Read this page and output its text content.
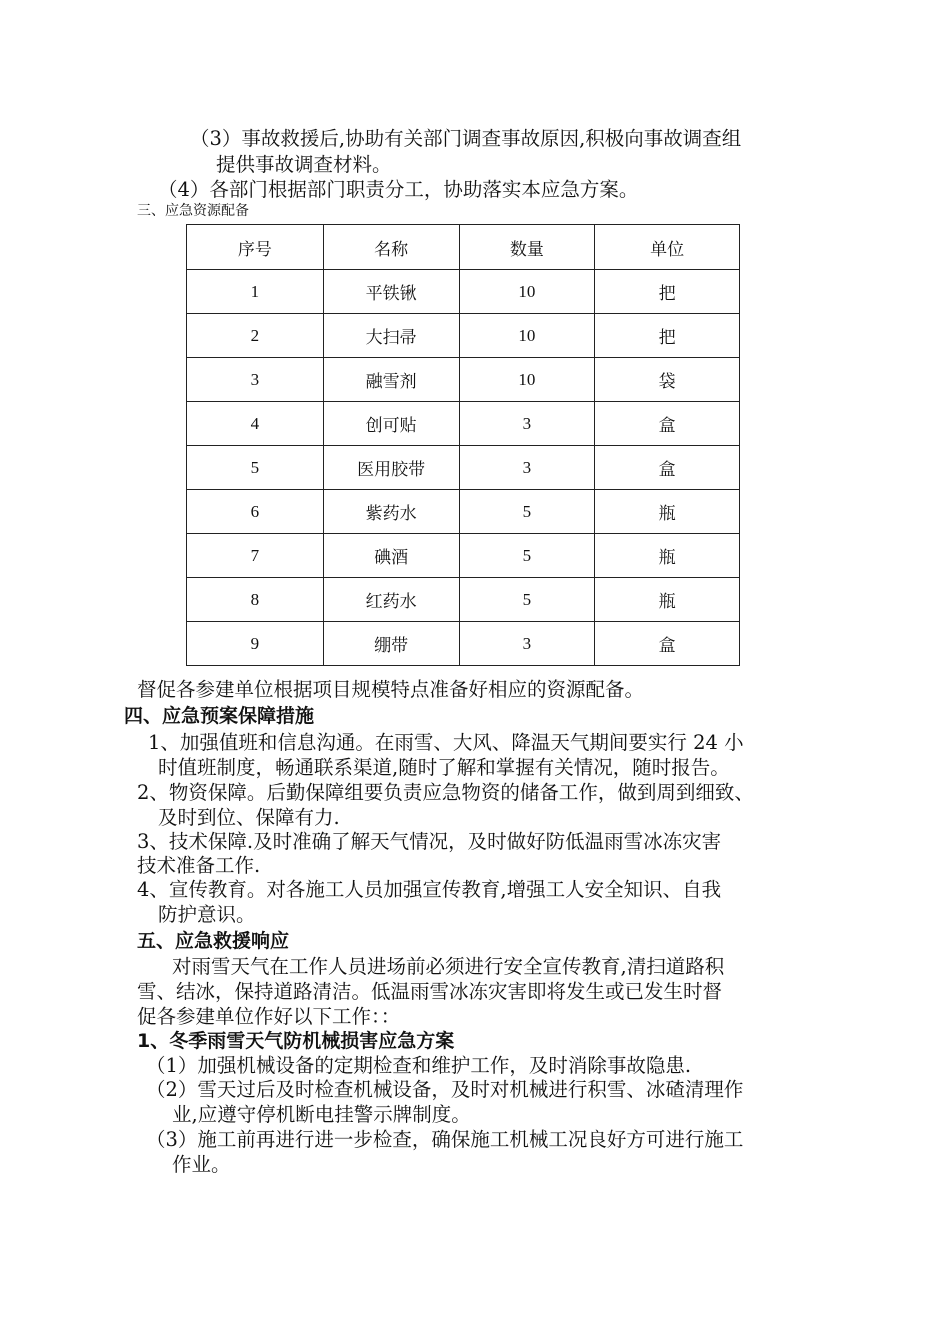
（3）事故救援后,协助有关部门调查事故原因,积极向事故调查组
提供事故调查材料。
（4）各部门根据部门职责分工，协助落实本应急方案。
三、应急资源配备
序号	名称	数量	单位
1	平铁锹	10	把
2	大扫帚	10	把
3	融雪剂	10	袋
4	创可贴	3	盒
5	医用胶带	3	盒
6	紫药水	5	瓶
7	碘酒	5	瓶
8	红药水	5	瓶
9	绷带	3	盒
督促各参建单位根据项目规模特点准备好相应的资源配备。
四、应急预案保障措施
1、加强值班和信息沟通。在雨雪、大风、降温天气期间要实行 24 小
时值班制度，畅通联系渠道,随时了解和掌握有关情况，随时报告。
2、物资保障。后勤保障组要负责应急物资的储备工作，做到周到细致、
及时到位、保障有力.
3、技术保障.及时准确了解天气情况，及时做好防低温雨雪冰冻灾害
技术准备工作.
4、宣传教育。对各施工人员加强宣传教育,增强工人安全知识、自我
防护意识。
五、应急救援响应
对雨雪天气在工作人员进场前必须进行安全宣传教育,清扫道路积
雪、结冰，保持道路清洁。低温雨雪冰冻灾害即将发生或已发生时督
促各参建单位作好以下工作：：
1、冬季雨雪天气防机械损害应急方案
（1）加强机械设备的定期检查和维护工作，及时消除事故隐患.
（2）雪天过后及时检查机械设备，及时对机械进行积雪、冰碴清理作
业,应遵守停机断电挂警示牌制度。
（3）施工前再进行进一步检查，确保施工机械工况良好方可进行施工
作业。
